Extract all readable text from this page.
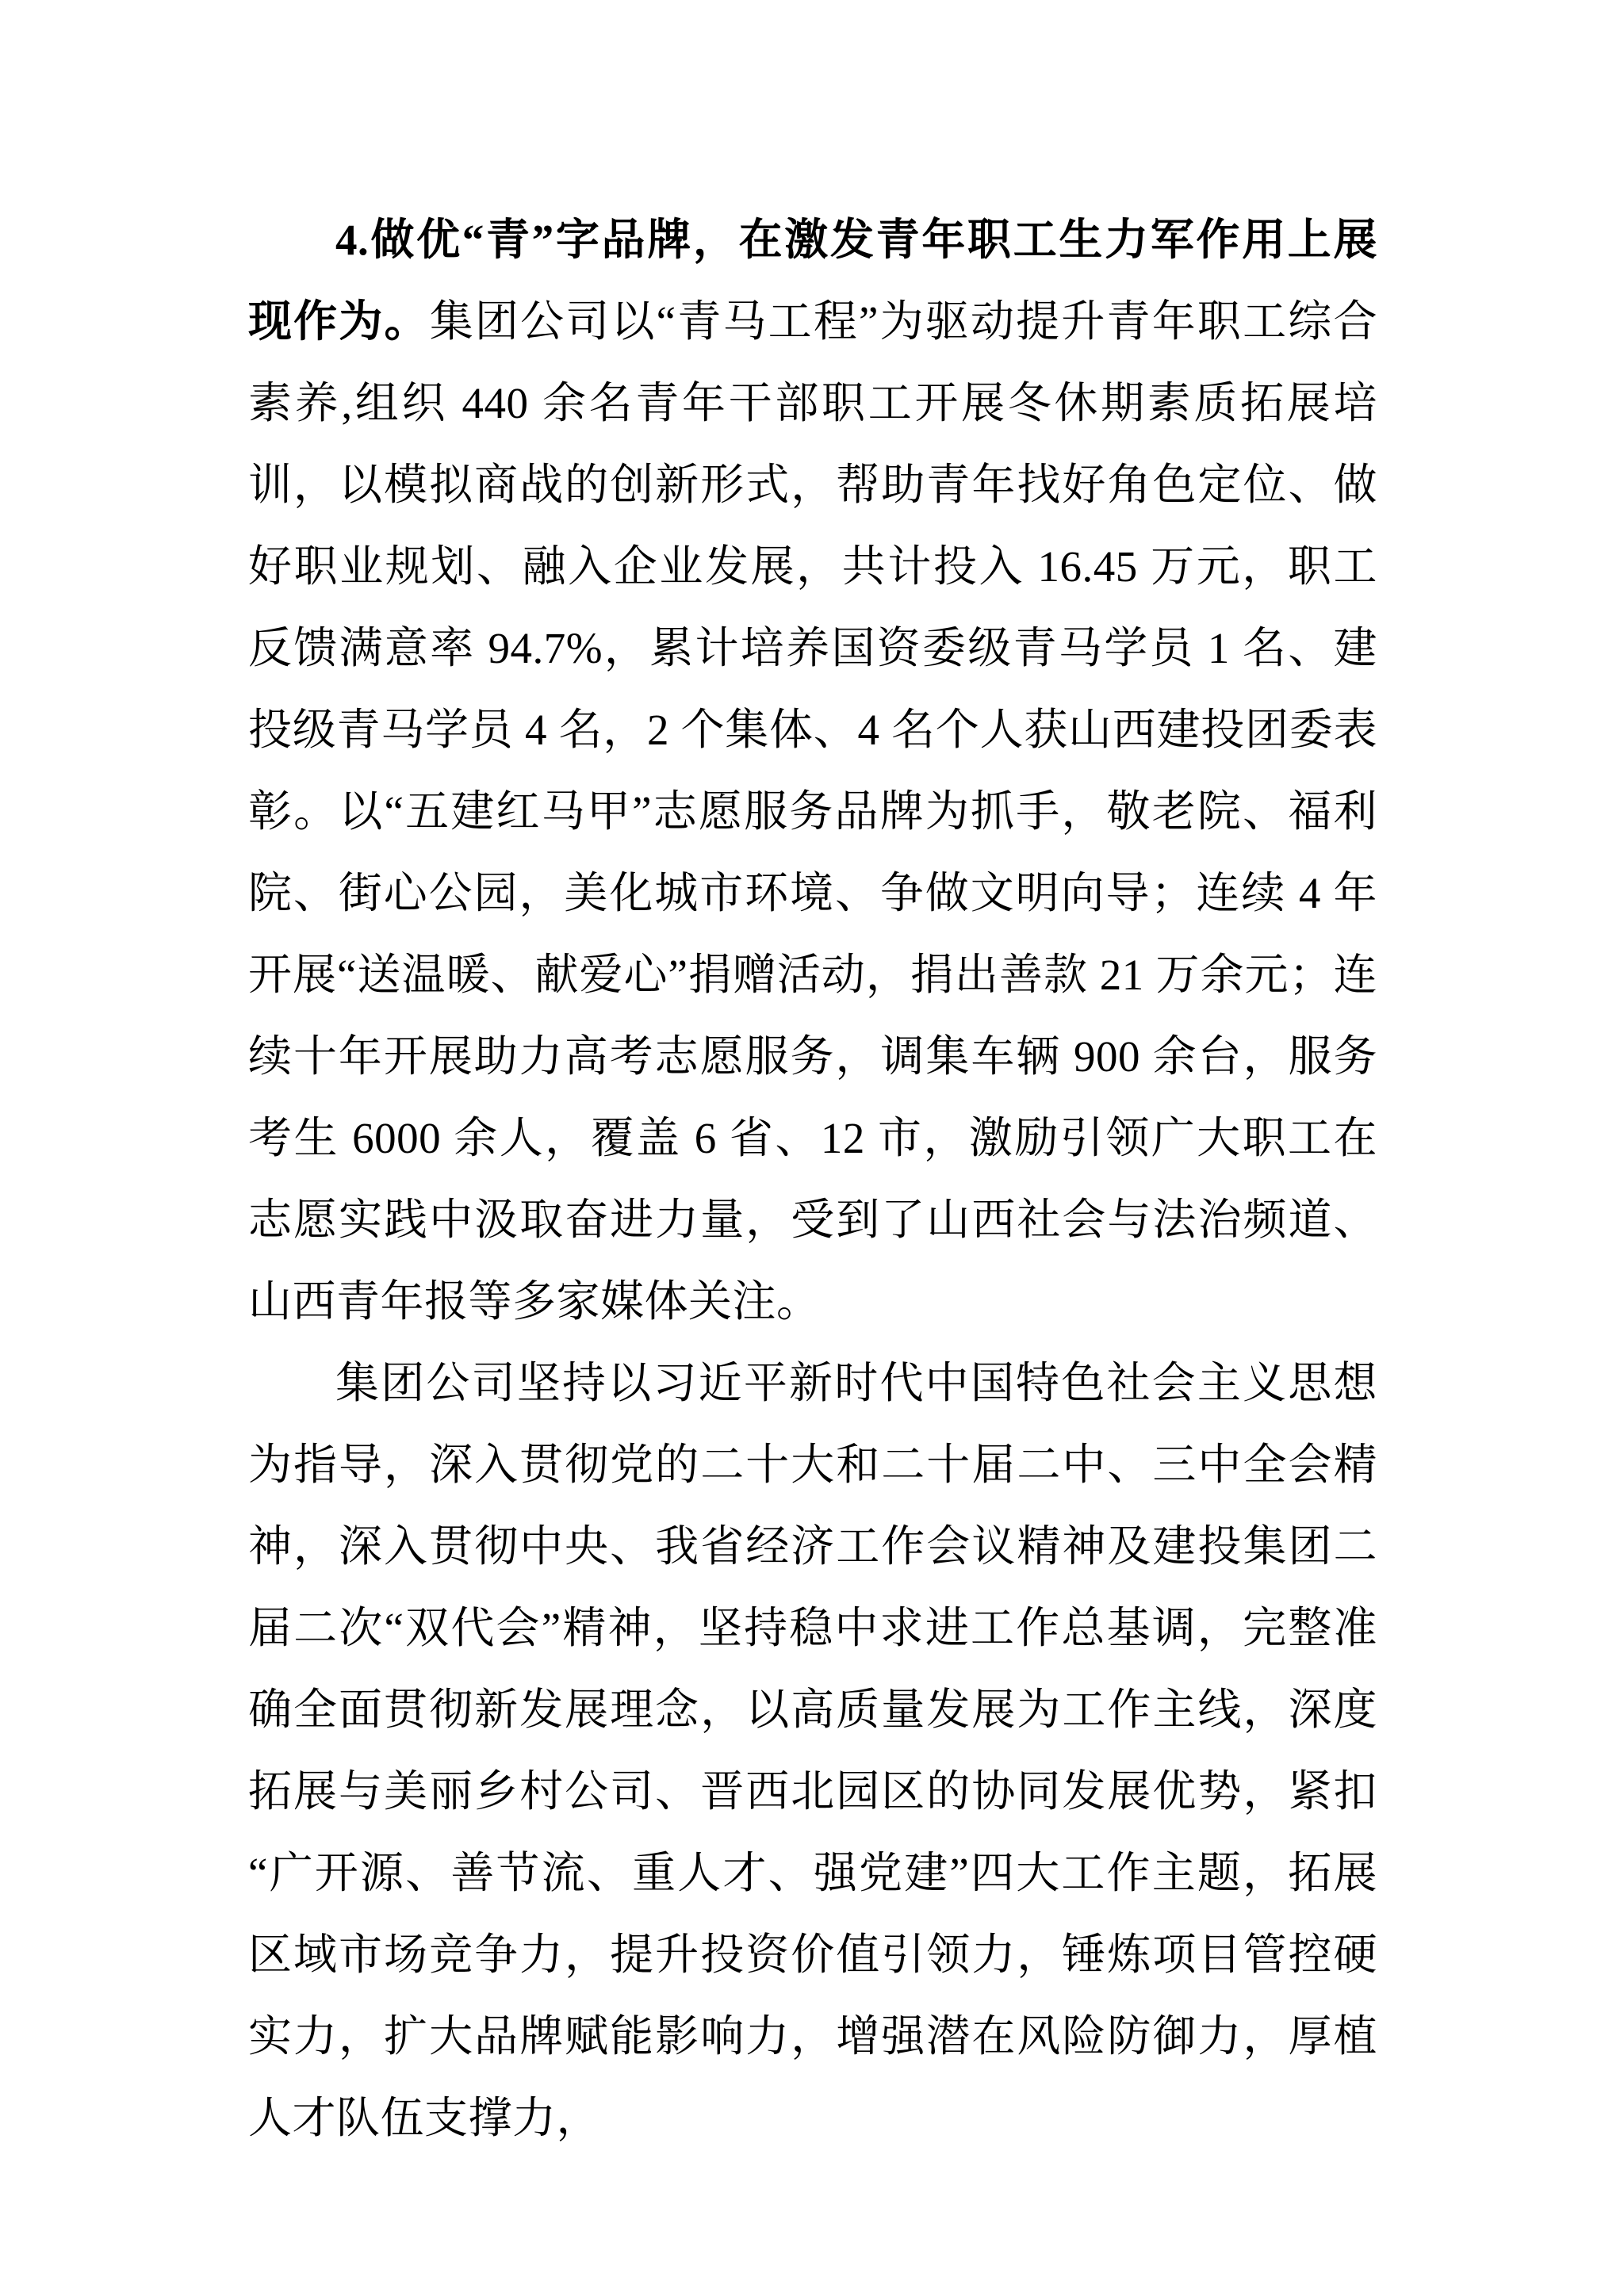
4.做优“青”字品牌，在激发青年职工生力军作用上展现作为。集团公司以“青马工程”为驱动提升青年职工综合素养,组织 440 余名青年干部职工开展冬休期素质拓展培训，以模拟商战的创新形式，帮助青年找好角色定位、做好职业规划、融入企业发展，共计投入 16.45 万元，职工反馈满意率 94.7%，累计培养国资委级青马学员 1 名、建投级青马学员 4 名，2 个集体、4 名个人获山西建投团委表彰。以“五建红马甲”志愿服务品牌为抓手，敬老院、福利院、街心公园，美化城市环境、争做文明向导；连续 4 年开展“送温暖、献爱心”捐赠活动，捐出善款 21 万余元；连续十年开展助力高考志愿服务，调集车辆 900 余台，服务考生 6000 余人，覆盖 6 省、12 市，激励引领广大职工在志愿实践中汲取奋进力量，受到了山西社会与法治频道、山西青年报等多家媒体关注。

集团公司坚持以习近平新时代中国特色社会主义思想为指导，深入贯彻党的二十大和二十届二中、三中全会精神，深入贯彻中央、我省经济工作会议精神及建投集团二届二次“双代会”精神，坚持稳中求进工作总基调，完整准确全面贯彻新发展理念，以高质量发展为工作主线，深度拓展与美丽乡村公司、晋西北园区的协同发展优势，紧扣“广开源、善节流、重人才、强党建”四大工作主题，拓展区域市场竞争力，提升投资价值引领力，锤炼项目管控硬实力，扩大品牌赋能影响力，增强潜在风险防御力，厚植人才队伍支撑力，
